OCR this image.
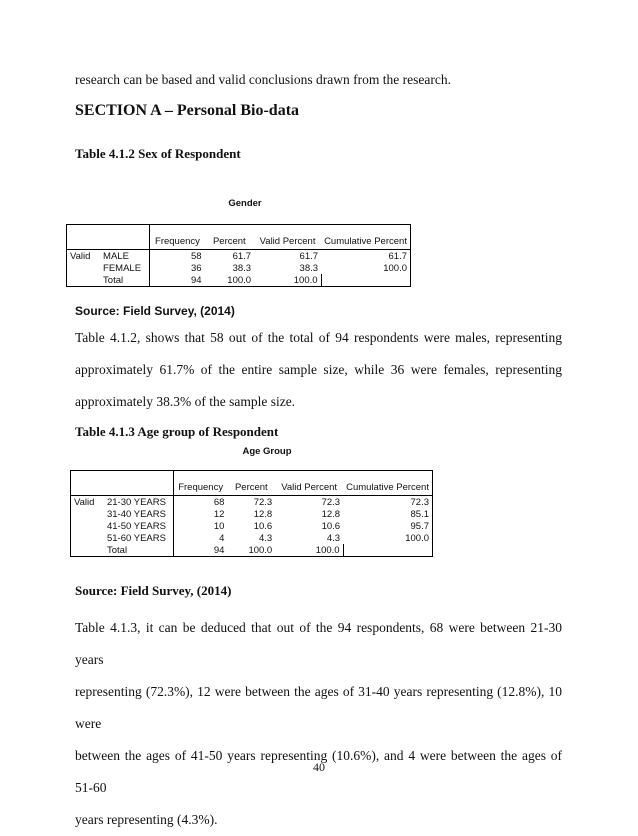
research can be based and valid conclusions drawn from the research.
SECTION A – Personal Bio-data
Table 4.1.2 Sex of Respondent
Gender
		Frequency	Percent	Valid Percent	Cumulative Percent
Valid	MALE	58	61.7	61.7	61.7
	FEMALE	36	38.3	38.3	100.0
	Total	94	100.0	100.0	
Source: Field Survey, (2014)
Table 4.1.2, shows that 58 out of the total of 94 respondents were males, representing
approximately 61.7% of the entire sample size, while 36 were females, representing
approximately 38.3% of the sample size.
Table 4.1.3 Age group of Respondent
Age Group
		Frequency	Percent	Valid Percent	Cumulative Percent
Valid	21-30 YEARS	68	72.3	72.3	72.3
	31-40 YEARS	12	12.8	12.8	85.1
	41-50 YEARS	10	10.6	10.6	95.7
	51-60 YEARS	4	4.3	4.3	100.0
	Total	94	100.0	100.0	
Source: Field Survey, (2014)
Table 4.1.3, it can be deduced that out of the 94 respondents, 68 were between 21-30 years
representing (72.3%), 12 were between the ages of 31-40 years representing (12.8%), 10 were
between the ages of 41-50 years representing (10.6%), and 4 were between the ages of 51-60
years representing (4.3%).
40
